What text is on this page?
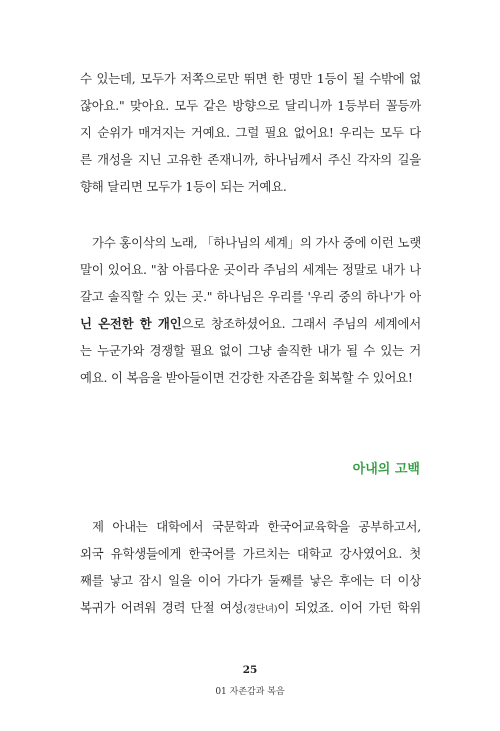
수 있는데, 모두가 저쪽으로만 뛰면 한 명만 1등이 될 수밖에 없
잖아요." 맞아요. 모두 같은 방향으로 달리니까 1등부터 꼴등까
지 순위가 매겨지는 거예요. 그럴 필요 없어요! 우리는 모두 다
른 개성을 지닌 고유한 존재니까, 하나님께서 주신 각자의 길을
향해 달리면 모두가 1등이 되는 거예요.
가수 홍이삭의 노래, 「하나님의 세계」의 가사 중에 이런 노랫
말이 있어요. "참 아름다운 곳이라 주님의 세계는 정말로 내가 나
갈고 솔직할 수 있는 곳." 하나님은 우리를 '우리 중의 하나'가 아
닌 온전한 한 개인으로 창조하셨어요. 그래서 주님의 세계에서
는 누군가와 경쟁할 필요 없이 그냥 솔직한 내가 될 수 있는 거
예요. 이 복음을 받아들이면 건강한 자존감을 회복할 수 있어요!
아내의 고백
제 아내는 대학에서 국문학과 한국어교육학을 공부하고서,
외국 유학생들에게 한국어를 가르치는 대학교 강사였어요. 첫
째를 낳고 잠시 일을 이어 가다가 둘째를 낳은 후에는 더 이상
복귀가 어려워 경력 단절 여성(경단녀)이 되었죠. 이어 가던 학위
25
01 자존감과 복음
